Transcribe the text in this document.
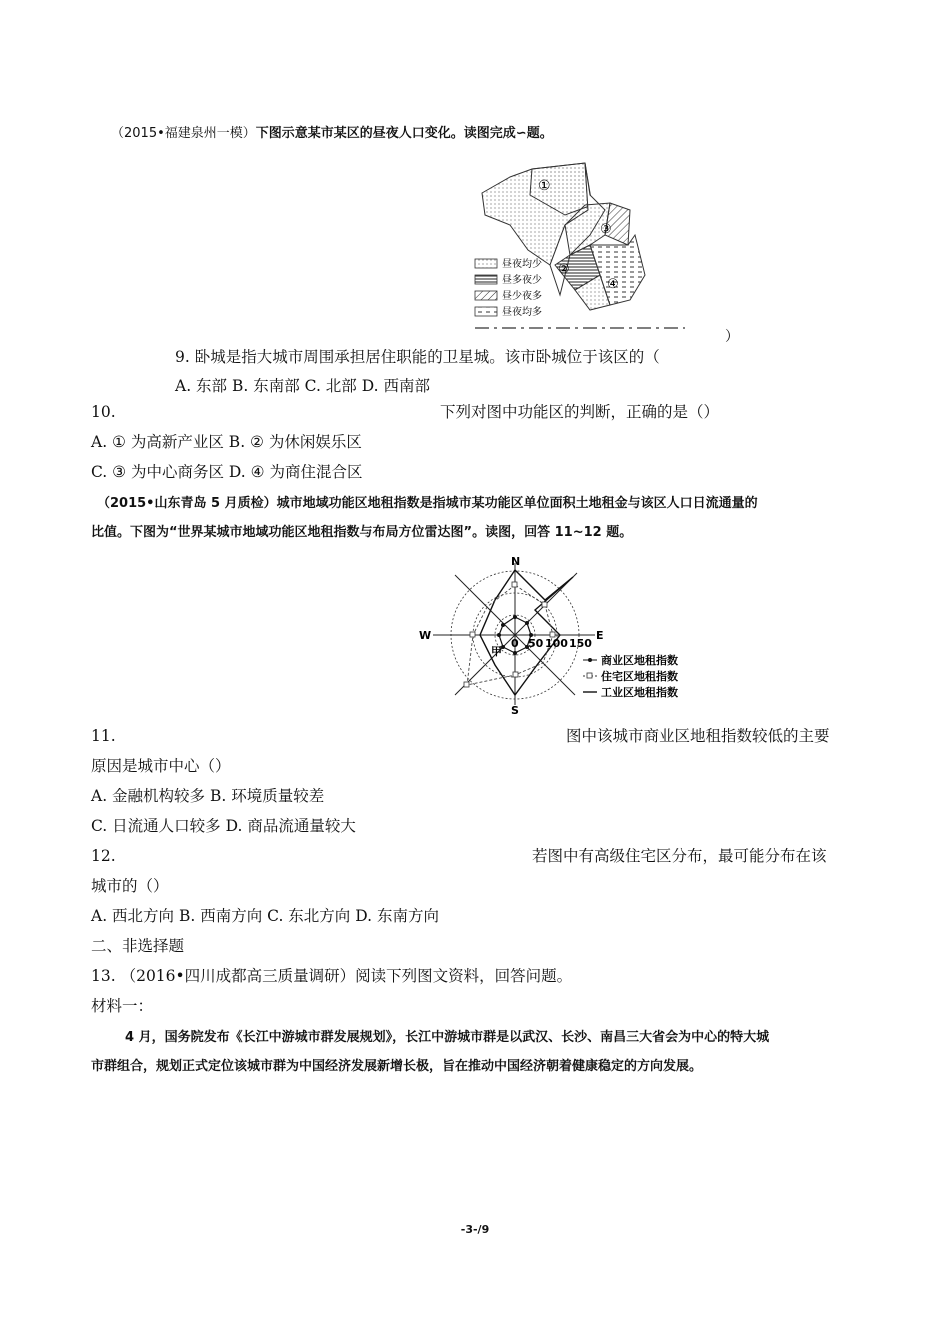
（2015•福建泉州一模）下图示意某市某区的昼夜人口变化。读图完成∽题。
①
②
③
④
昼夜均少
昼多夜少
昼少夜多
昼夜均多
）
9. 卧城是指大城市周围承担居住职能的卫星城。该市卧城位于该区的（
A. 东部 B. 东南部 C. 北部 D. 西南部
10.	下列对图中功能区的判断，正确的是（）
A. ① 为高新产业区 B. ② 为休闲娱乐区
C. ③ 为中心商务区 D. ④ 为商住混合区
（2015•山东青岛 5 月质检）城市地域功能区地租指数是指城市某功能区单位面积土地租金与该区人口日流通量的
比值。下图为“世界某城市地域功能区地租指数与布局方位雷达图”。读图，回答 11~12 题。
N
S
E
W
0 50 100 150
甲
商业区地租指数
住宅区地租指数
工业区地租指数
11.	图中该城市商业区地租指数较低的主要
原因是城市中心（）
A. 金融机构较多 B. 环境质量较差
C. 日流通人口较多 D. 商品流通量较大
12.	若图中有高级住宅区分布，最可能分布在该
城市的（）
A. 西北方向 B. 西南方向 C. 东北方向 D. 东南方向
二、非选择题
13. （2016•四川成都高三质量调研）阅读下列图文资料，回答问题。
材料一：
4 月，国务院发布《长江中游城市群发展规划》，长江中游城市群是以武汉、长沙、南昌三大省会为中心的特大城
市群组合，规划正式定位该城市群为中国经济发展新增长极，旨在推动中国经济朝着健康稳定的方向发展。
-3-/9
